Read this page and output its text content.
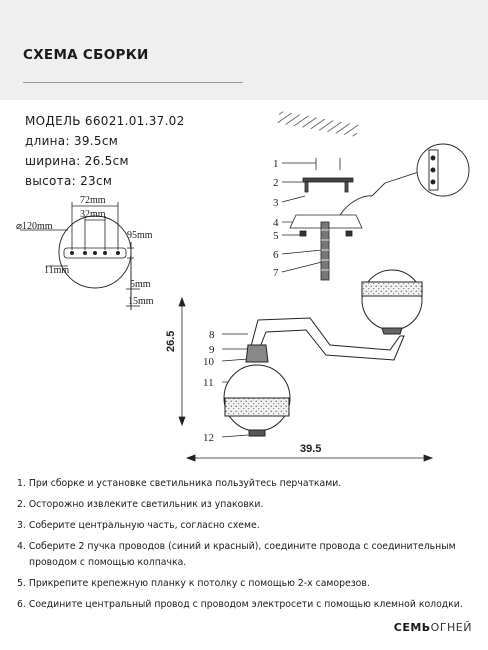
СХЕМА СБОРКИ
МОДЕЛЬ 66021.01.37.02
длина: 39.5см
ширина: 26.5см
высота: 23см
72mm
32mm
⌀120mm
95mm
11mm
5mm
15mm
1
2
3
4
5
6
7
8
9
10
11
12
26.5
39.5
1. При сборке и установке светильника пользуйтесь перчатками.
2. Осторожно извлеките светильник из упаковки.
3. Соберите центральную часть, согласно схеме.
4. Соберите 2 пучка проводов (синий и красный), соедините провода с соединительным
проводом с помощью колпачка.
5. Прикрепите крепежную планку к потолку с помощью 2-х саморезов.
6. Соедините центральный провод с проводом электросети с помощью клемной колодки.
СЕМЬОГНЕЙ
